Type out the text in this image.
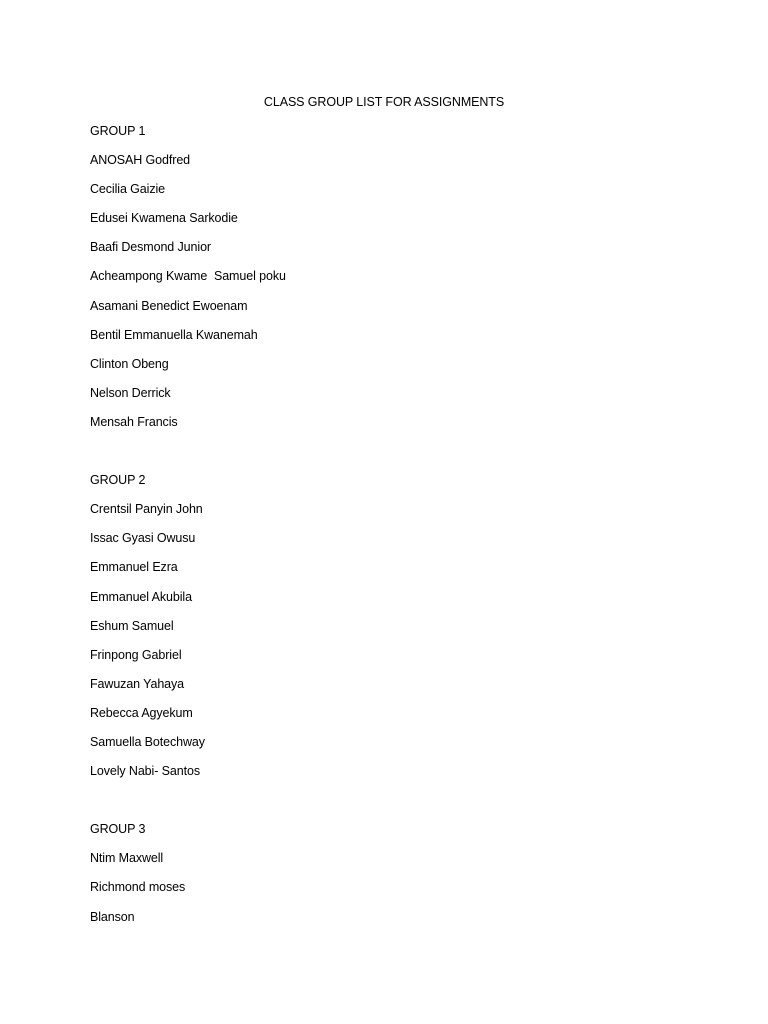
CLASS GROUP LIST FOR ASSIGNMENTS
GROUP 1
ANOSAH Godfred
Cecilia Gaizie
Edusei Kwamena Sarkodie
Baafi Desmond Junior
Acheampong Kwame  Samuel poku
Asamani Benedict Ewoenam
Bentil Emmanuella Kwanemah
Clinton Obeng
Nelson Derrick
Mensah Francis
GROUP 2
Crentsil Panyin John
Issac Gyasi Owusu
Emmanuel Ezra
Emmanuel Akubila
Eshum Samuel
Frinpong Gabriel
Fawuzan Yahaya
Rebecca Agyekum
Samuella Botechway
Lovely Nabi- Santos
GROUP 3
Ntim Maxwell
Richmond moses
Blanson
